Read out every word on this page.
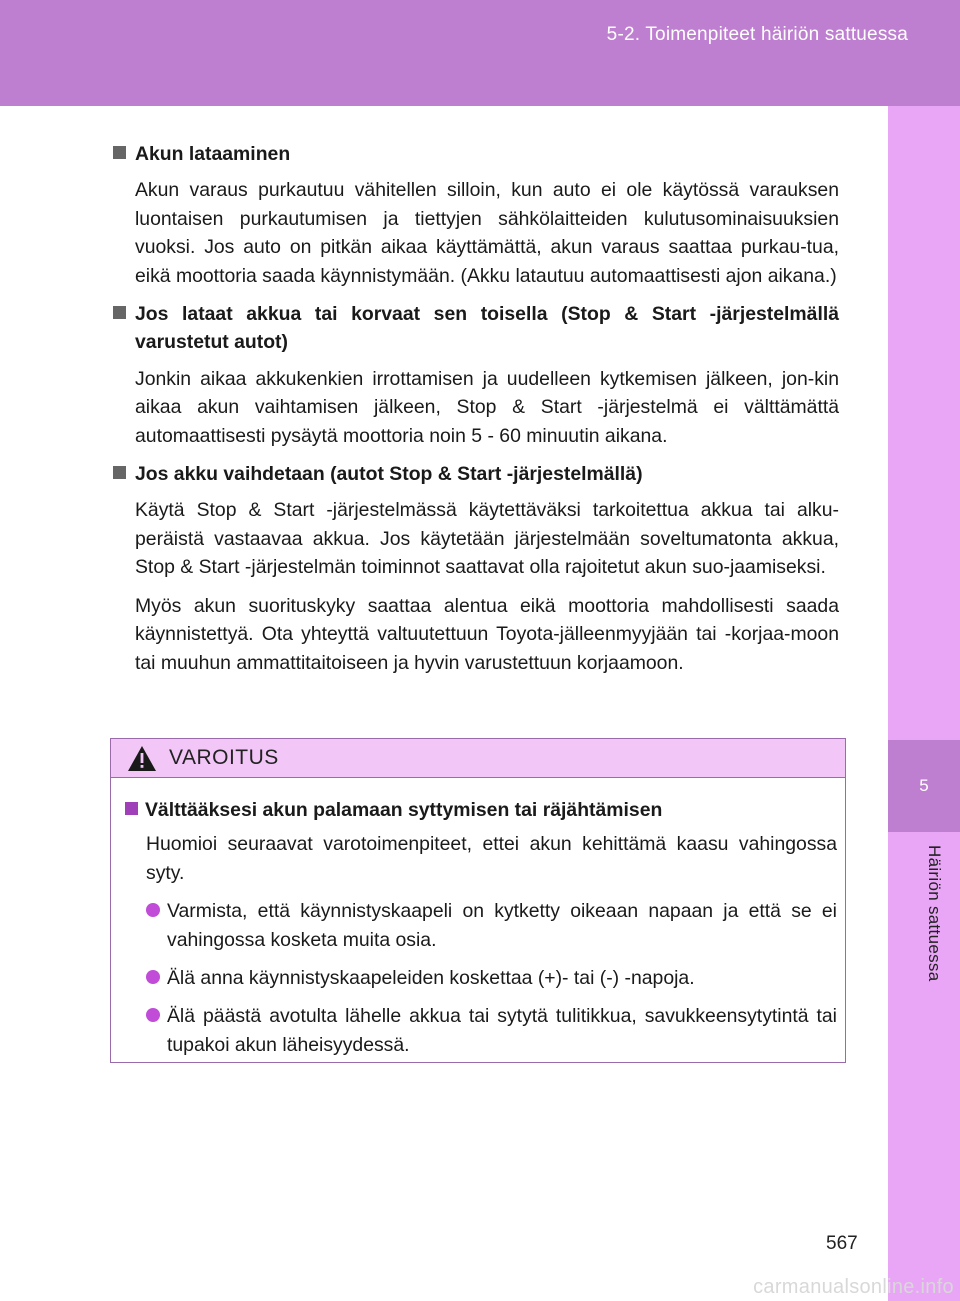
5-2. Toimenpiteet häiriön sattuessa
5
Häiriön sattuessa
Akun lataaminen

Akun varaus purkautuu vähitellen silloin, kun auto ei ole käytössä varauksen luontaisen purkautumisen ja tiettyjen sähkölaitteiden kulutusominaisuuksien vuoksi. Jos auto on pitkän aikaa käyttämättä, akun varaus saattaa purkau-tua, eikä moottoria saada käynnistymään. (Akku latautuu automaattisesti ajon aikana.)

Jos lataat akkua tai korvaat sen toisella (Stop & Start -järjestelmällä varustetut autot)

Jonkin aikaa akkukenkien irrottamisen ja uudelleen kytkemisen jälkeen, jon-kin aikaa akun vaihtamisen jälkeen, Stop & Start -järjestelmä ei välttämättä automaattisesti pysäytä moottoria noin 5 - 60 minuutin aikana.

Jos akku vaihdetaan (autot Stop & Start -järjestelmällä)

Käytä Stop & Start -järjestelmässä käytettäväksi tarkoitettua akkua tai alku-peräistä vastaavaa akkua. Jos käytetään järjestelmään soveltumatonta akkua, Stop & Start -järjestelmän toiminnot saattavat olla rajoitetut akun suo-jaamiseksi.

Myös akun suorituskyky saattaa alentua eikä moottoria mahdollisesti saada käynnistettyä. Ota yhteyttä valtuutettuun Toyota-jälleenmyyjään tai -korjaa-moon tai muuhun ammattitaitoiseen ja hyvin varustettuun korjaamoon.

VAROITUS
Välttääksesi akun palamaan syttymisen tai räjähtämisen

Huomioi seuraavat varotoimenpiteet, ettei akun kehittämä kaasu vahingossa syty.

Varmista, että käynnistyskaapeli on kytketty oikeaan napaan ja että se ei vahingossa kosketa muita osia.

Älä anna käynnistyskaapeleiden koskettaa (+)- tai (-) -napoja.

Älä päästä avotulta lähelle akkua tai sytytä tulitikkua, savukkeensytytintä tai tupakoi akun läheisyydessä.

567
carmanualsonline.info
